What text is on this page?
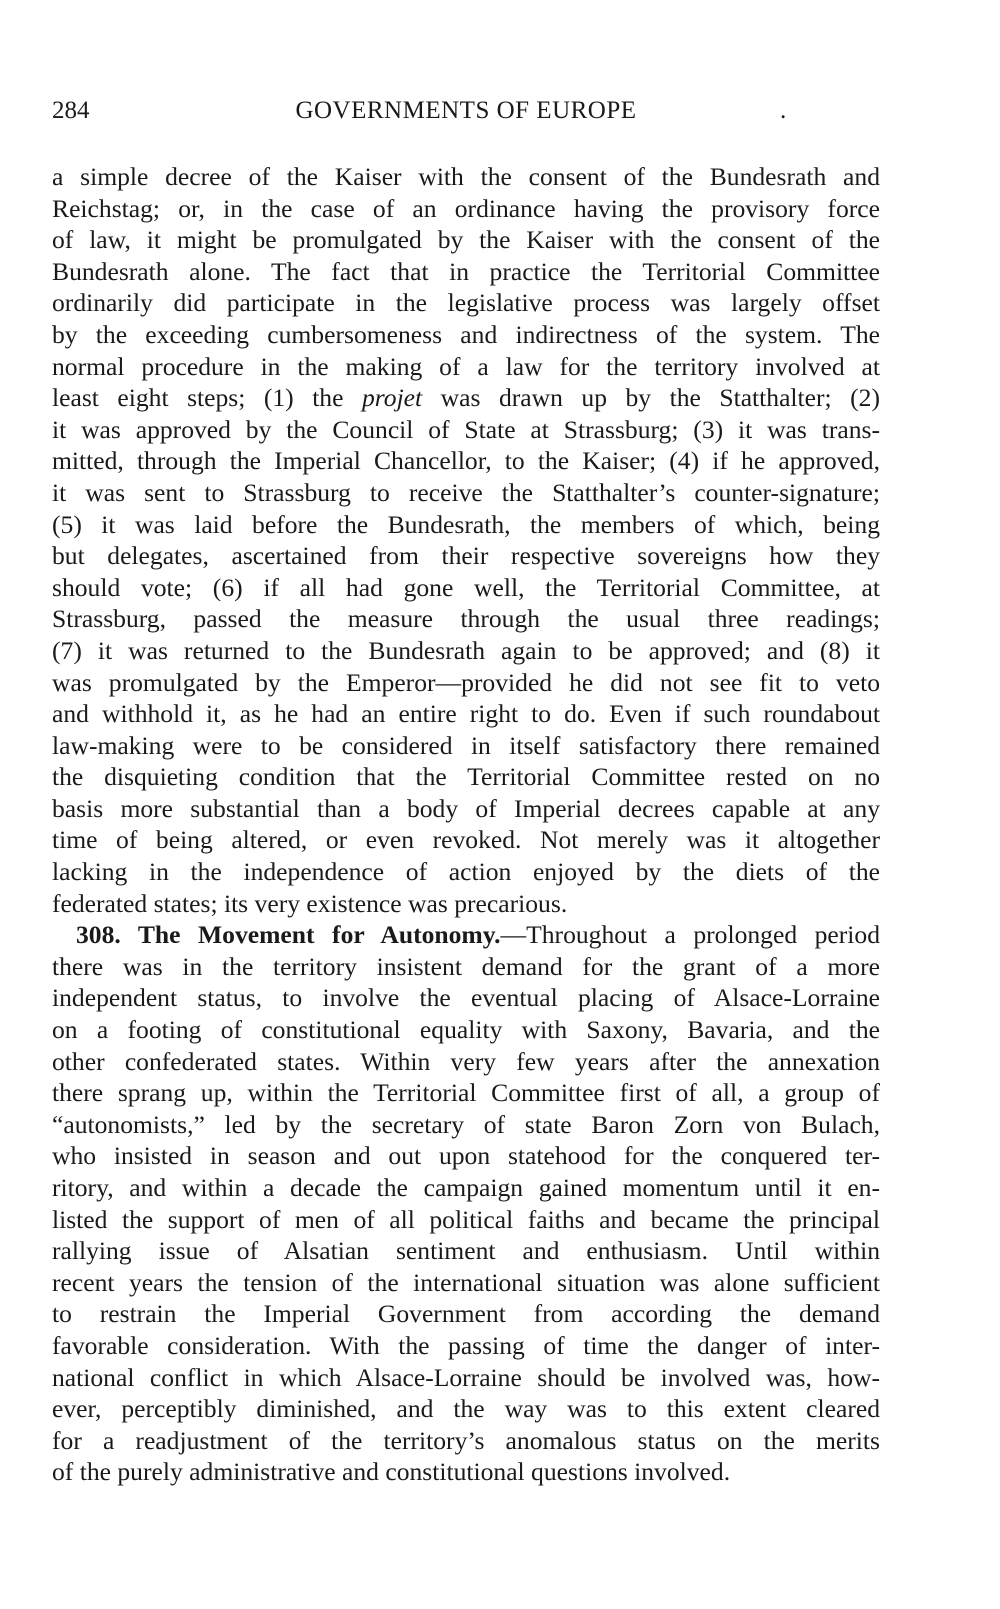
284	GOVERNMENTS OF EUROPE	.
a simple decree of the Kaiser with the consent of the Bundesrath and
Reichstag; or, in the case of an ordinance having the provisory force
of law, it might be promulgated by the Kaiser with the consent of the
Bundesrath alone. The fact that in practice the Territorial Committee
ordinarily did participate in the legislative process was largely offset
by the exceeding cumbersomeness and indirectness of the system. The
normal procedure in the making of a law for the territory involved at
least eight steps; (1) the projet was drawn up by the Statthalter; (2)
it was approved by the Council of State at Strassburg; (3) it was trans-
mitted, through the Imperial Chancellor, to the Kaiser; (4) if he approved,
it was sent to Strassburg to receive the Statthalter’s counter-signature;
(5) it was laid before the Bundesrath, the members of which, being
but delegates, ascertained from their respective sovereigns how they
should vote; (6) if all had gone well, the Territorial Committee, at
Strassburg, passed the measure through the usual three readings;
(7) it was returned to the Bundesrath again to be approved; and (8) it
was promulgated by the Emperor—provided he did not see fit to veto
and withhold it, as he had an entire right to do. Even if such roundabout
law-making were to be considered in itself satisfactory there remained
the disquieting condition that the Territorial Committee rested on no
basis more substantial than a body of Imperial decrees capable at any
time of being altered, or even revoked. Not merely was it altogether
lacking in the independence of action enjoyed by the diets of the
federated states; its very existence was precarious.
308. The Movement for Autonomy.—Throughout a prolonged period
there was in the territory insistent demand for the grant of a more
independent status, to involve the eventual placing of Alsace-Lorraine
on a footing of constitutional equality with Saxony, Bavaria, and the
other confederated states. Within very few years after the annexation
there sprang up, within the Territorial Committee first of all, a group of
“autonomists,” led by the secretary of state Baron Zorn von Bulach,
who insisted in season and out upon statehood for the conquered ter-
ritory, and within a decade the campaign gained momentum until it en-
listed the support of men of all political faiths and became the principal
rallying issue of Alsatian sentiment and enthusiasm. Until within
recent years the tension of the international situation was alone sufficient
to restrain the Imperial Government from according the demand
favorable consideration. With the passing of time the danger of inter-
national conflict in which Alsace-Lorraine should be involved was, how-
ever, perceptibly diminished, and the way was to this extent cleared
for a readjustment of the territory’s anomalous status on the merits
of the purely administrative and constitutional questions involved.
